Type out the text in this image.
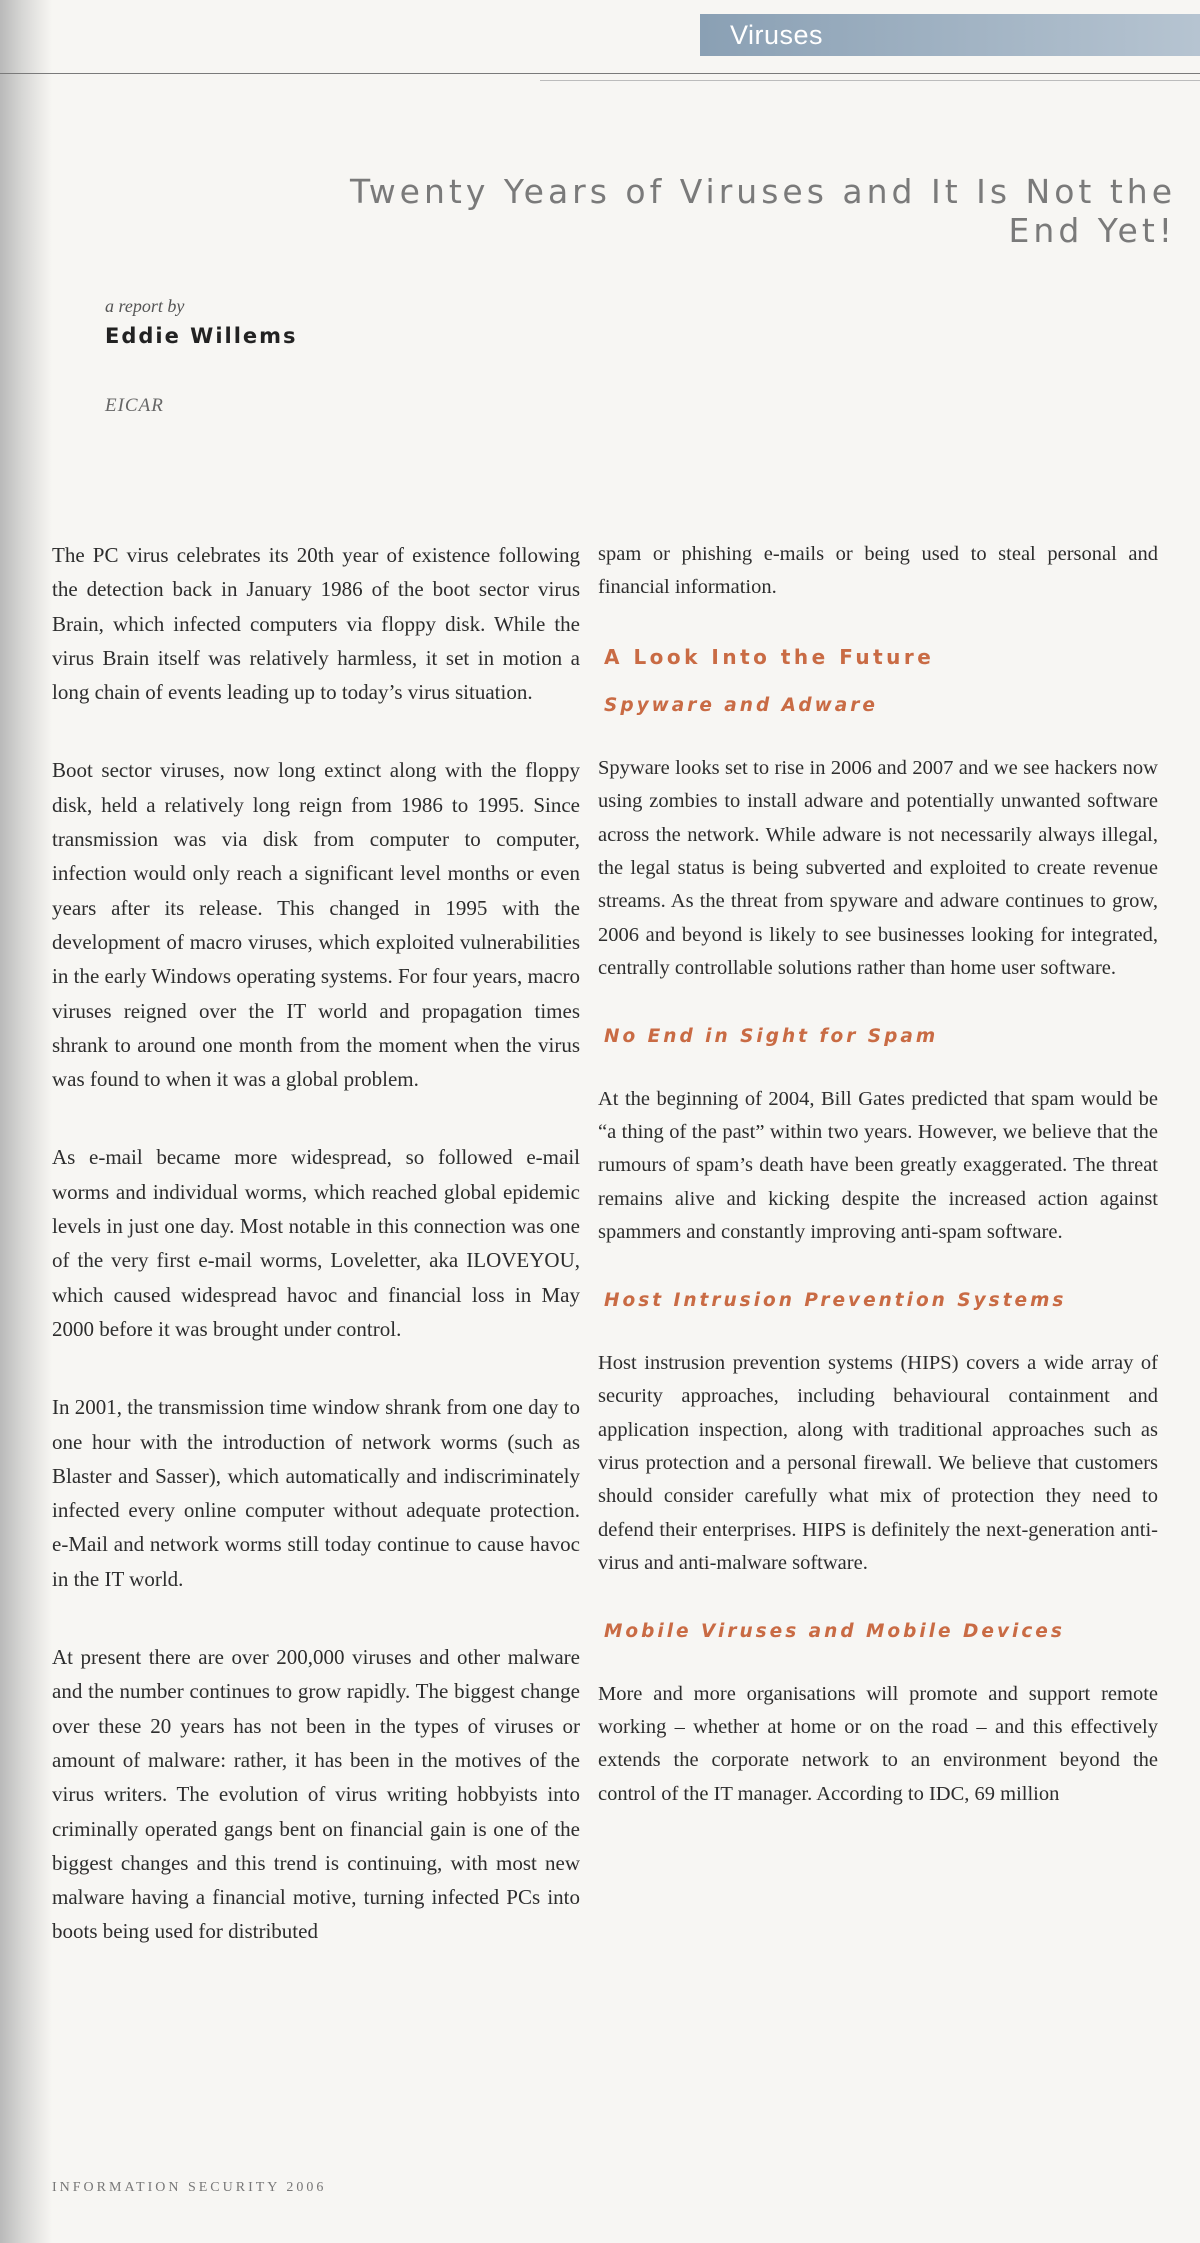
Viruses
Twenty Years of Viruses and It Is Not the End Yet!
a report by
Eddie Willems
EICAR

The PC virus celebrates its 20th year of existence following the detection back in January 1986 of the boot sector virus Brain, which infected computers via floppy disk. While the virus Brain itself was relatively harmless, it set in motion a long chain of events leading up to today’s virus situation.

Boot sector viruses, now long extinct along with the floppy disk, held a relatively long reign from 1986 to 1995. Since transmission was via disk from computer to computer, infection would only reach a significant level months or even years after its release. This changed in 1995 with the development of macro viruses, which exploited vulnerabilities in the early Windows operating systems. For four years, macro viruses reigned over the IT world and propagation times shrank to around one month from the moment when the virus was found to when it was a global problem.

As e-mail became more widespread, so followed e-mail worms and individual worms, which reached global epidemic levels in just one day. Most notable in this connection was one of the very first e-mail worms, Loveletter, aka ILOVEYOU, which caused widespread havoc and financial loss in May 2000 before it was brought under control.

In 2001, the transmission time window shrank from one day to one hour with the introduction of network worms (such as Blaster and Sasser), which automatically and indiscriminately infected every online computer without adequate protection. e-Mail and network worms still today continue to cause havoc in the IT world.

At present there are over 200,000 viruses and other malware and the number continues to grow rapidly. The biggest change over these 20 years has not been in the types of viruses or amount of malware: rather, it has been in the motives of the virus writers. The evolution of virus writing hobbyists into criminally operated gangs bent on financial gain is one of the biggest changes and this trend is continuing, with most new malware having a financial motive, turning infected PCs into boots being used for distributed

spam or phishing e-mails or being used to steal personal and financial information.

A Look Into the Future
Spyware and Adware

Spyware looks set to rise in 2006 and 2007 and we see hackers now using zombies to install adware and potentially unwanted software across the network. While adware is not necessarily always illegal, the legal status is being subverted and exploited to create revenue streams. As the threat from spyware and adware continues to grow, 2006 and beyond is likely to see businesses looking for integrated, centrally controllable solutions rather than home user software.

No End in Sight for Spam

At the beginning of 2004, Bill Gates predicted that spam would be “a thing of the past” within two years. However, we believe that the rumours of spam’s death have been greatly exaggerated. The threat remains alive and kicking despite the increased action against spammers and constantly improving anti-spam software.

Host Intrusion Prevention Systems

Host instrusion prevention systems (HIPS) covers a wide array of security approaches, including behavioural containment and application inspection, along with traditional approaches such as virus protection and a personal firewall. We believe that customers should consider carefully what mix of protection they need to defend their enterprises. HIPS is definitely the next-generation anti-virus and anti-malware software.

Mobile Viruses and Mobile Devices

More and more organisations will promote and support remote working – whether at home or on the road – and this effectively extends the corporate network to an environment beyond the control of the IT manager. According to IDC, 69 million

INFORMATION SECURITY 2006
